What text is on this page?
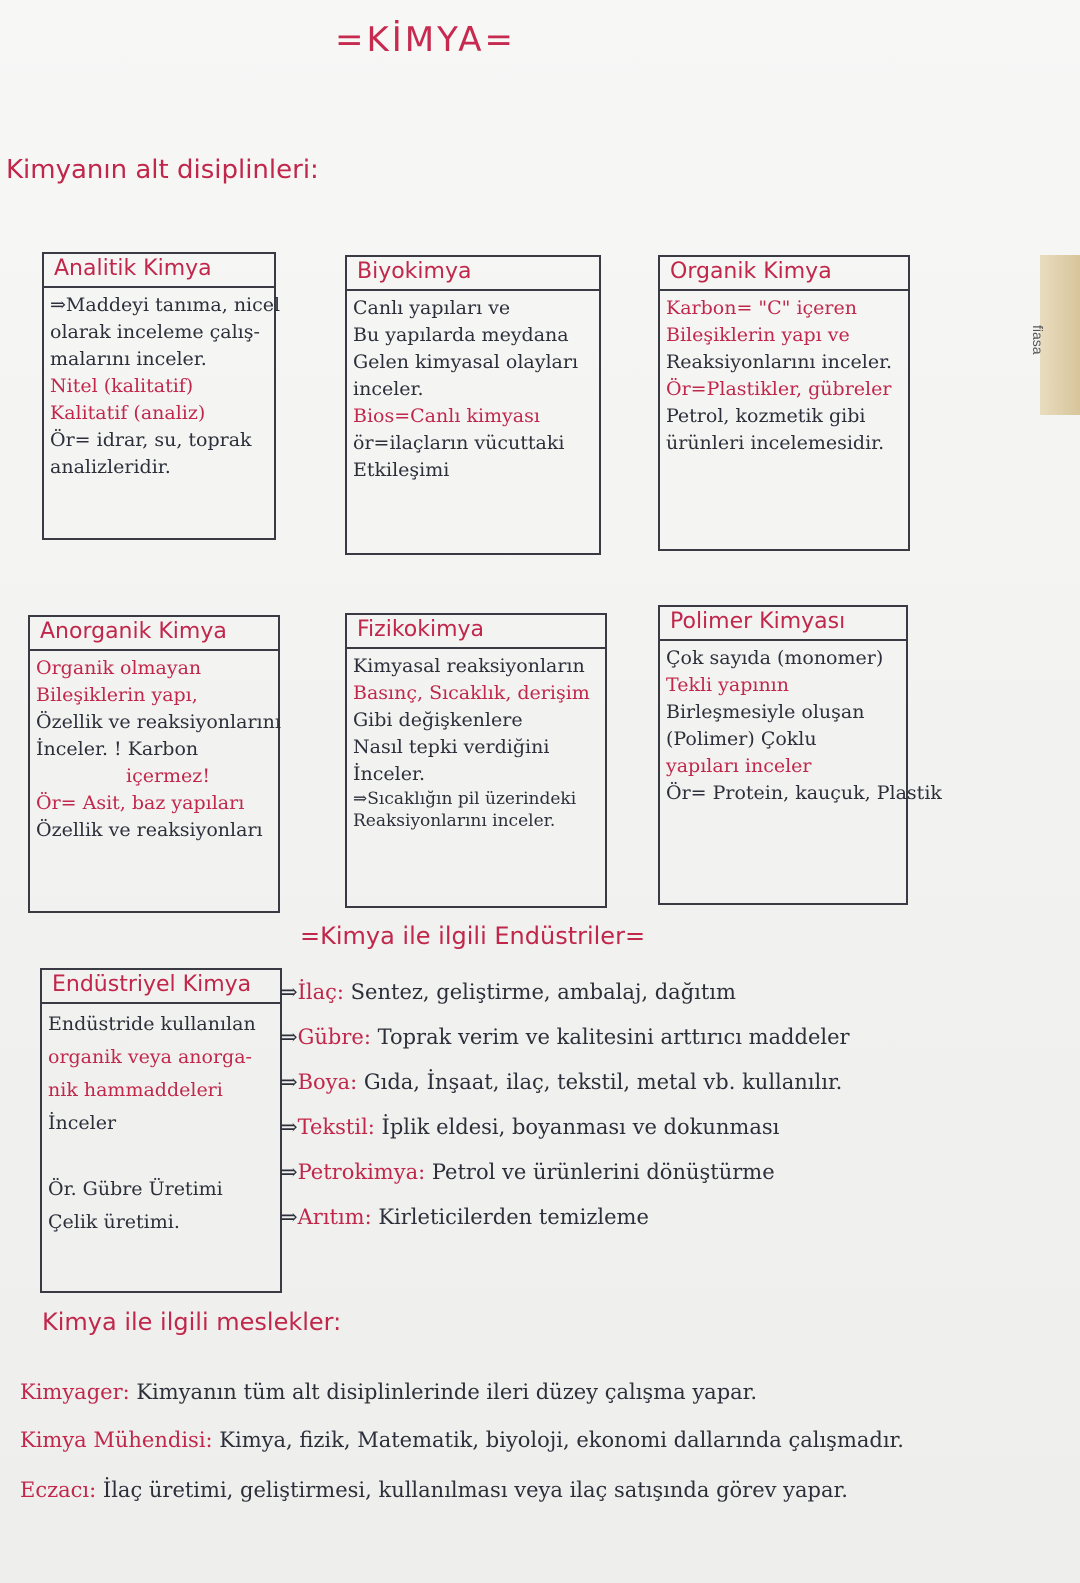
fiasa
=KİMYA=
Kimyanın alt disiplinleri:
Analitik Kimya
⇒Maddeyi tanıma, nicel
olarak inceleme çalış-
malarını inceler.
Nitel (kalitatif)
Kalitatif (analiz)
Ör= idrar, su, toprak
analizleridir.
Biyokimya
Canlı yapıları ve
Bu yapılarda meydana
Gelen kimyasal olayları
inceler.
Bios=Canlı kimyası
ör=ilaçların vücuttaki
Etkileşimi
Organik Kimya
Karbon= "C" içeren
Bileşiklerin yapı ve
Reaksiyonlarını inceler.
Ör=Plastikler, gübreler
Petrol, kozmetik gibi
ürünleri incelemesidir.
Anorganik Kimya
Organik olmayan
Bileşiklerin yapı,
Özellik ve reaksiyonlarını
İnceler. ! Karbon
içermez!
Ör= Asit, baz yapıları
Özellik ve reaksiyonları
Fizikokimya
Kimyasal reaksiyonların
Basınç, Sıcaklık, derişim
Gibi değişkenlere
Nasıl tepki verdiğini
İnceler.
⇒Sıcaklığın pil üzerindeki
Reaksiyonlarını inceler.
Polimer Kimyası
Çok sayıda (monomer)
Tekli yapının
Birleşmesiyle oluşan
(Polimer) Çoklu
yapıları inceler
Ör= Protein, kauçuk, Plastik
=Kimya ile ilgili Endüstriler=
Endüstriyel Kimya
Endüstride kullanılan
organik veya anorga-
nik hammaddeleri
İnceler

Ör. Gübre Üretimi
Çelik üretimi.
⇒İlaç: Sentez, geliştirme, ambalaj, dağıtım
⇒Gübre: Toprak verim ve kalitesini arttırıcı maddeler
⇒Boya: Gıda, İnşaat, ilaç, tekstil, metal vb. kullanılır.
⇒Tekstil: İplik eldesi, boyanması ve dokunması
⇒Petrokimya: Petrol ve ürünlerini dönüştürme
⇒Arıtım: Kirleticilerden temizleme
Kimya ile ilgili meslekler:
Kimyager: Kimyanın tüm alt disiplinlerinde ileri düzey çalışma yapar.
Kimya Mühendisi: Kimya, fizik, Matematik, biyoloji, ekonomi dallarında çalışmadır.
Eczacı: İlaç üretimi, geliştirmesi, kullanılması veya ilaç satışında görev yapar.
